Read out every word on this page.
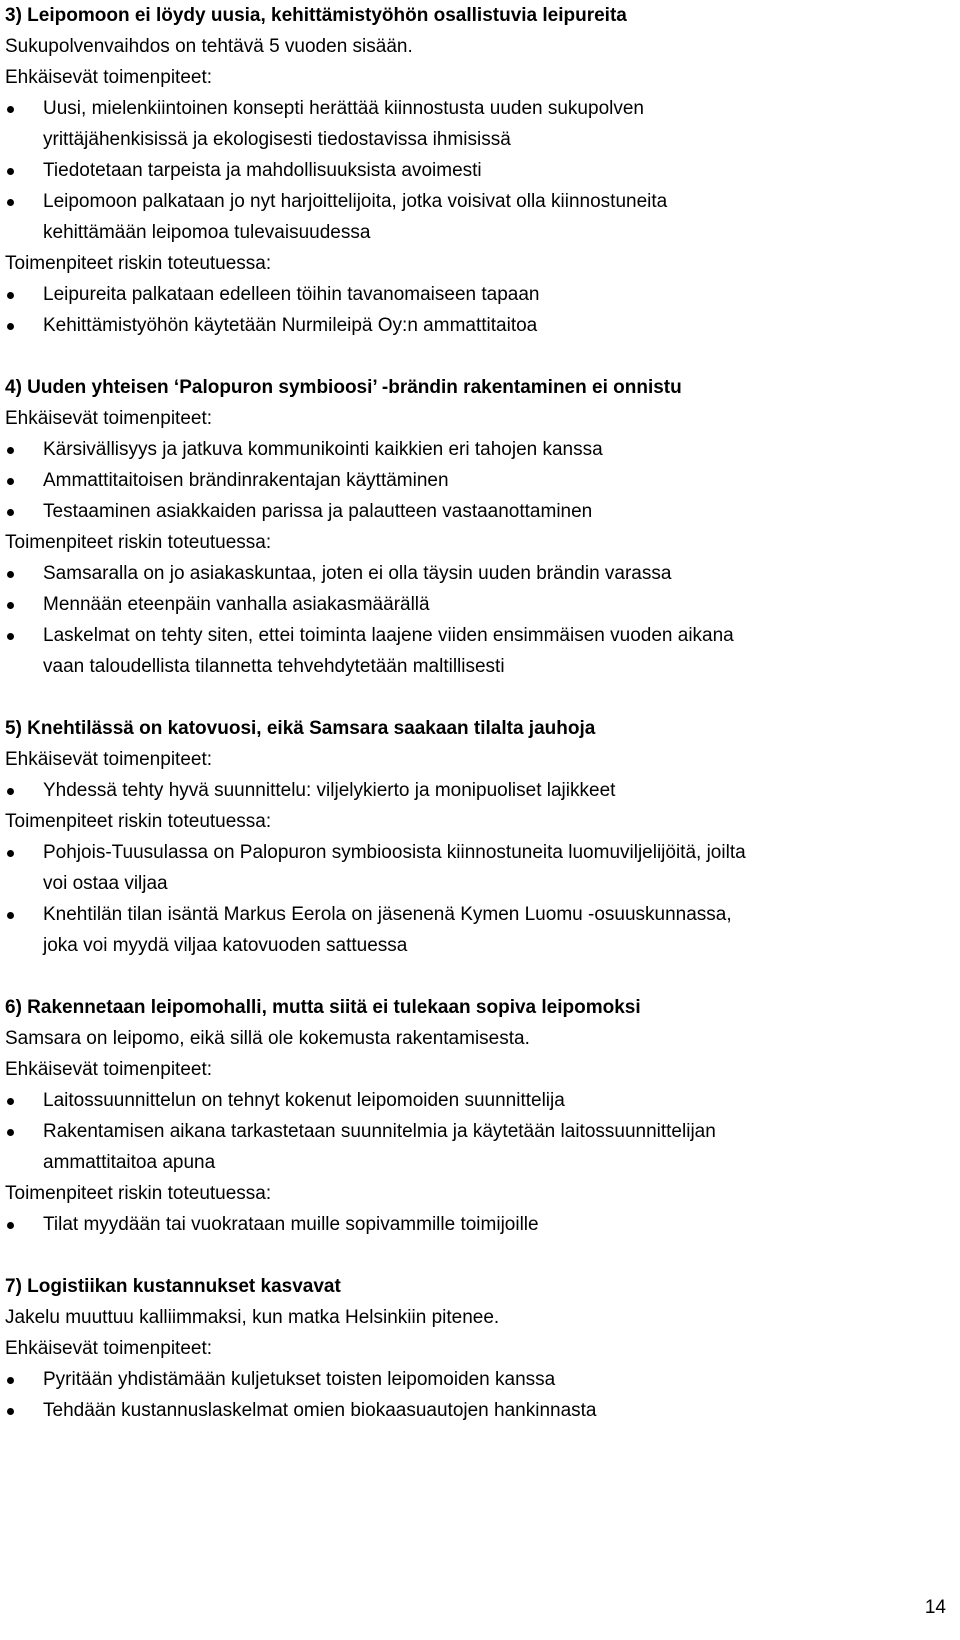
3) Leipomoon ei löydy uusia, kehittämistyöhön osallistuvia leipureita
Sukupolvenvaihdos on tehtävä 5 vuoden sisään.
Ehkäisevät toimenpiteet:
Uusi, mielenkiintoinen konsepti herättää kiinnostusta uuden sukupolven
yrittäjähenkisissä ja ekologisesti tiedostavissa ihmisissä
Tiedotetaan tarpeista ja mahdollisuuksista avoimesti
Leipomoon palkataan jo nyt harjoittelijoita, jotka voisivat olla kiinnostuneita
kehittämään leipomoa tulevaisuudessa
Toimenpiteet riskin toteutuessa:
Leipureita palkataan edelleen töihin tavanomaiseen tapaan
Kehittämistyöhön käytetään Nurmileipä Oy:n ammattitaitoa
4) Uuden yhteisen ‘Palopuron symbioosi’ -brändin rakentaminen ei onnistu
Ehkäisevät toimenpiteet:
Kärsivällisyys ja jatkuva kommunikointi kaikkien eri tahojen kanssa
Ammattitaitoisen brändinrakentajan käyttäminen
Testaaminen asiakkaiden parissa ja palautteen vastaanottaminen
Toimenpiteet riskin toteutuessa:
Samsaralla on jo asiakaskuntaa, joten ei olla täysin uuden brändin varassa
Mennään eteenpäin vanhalla asiakasmäärällä
Laskelmat on tehty siten, ettei toiminta laajene viiden ensimmäisen vuoden aikana
vaan taloudellista tilannetta tehvehdytetään maltillisesti
5) Knehtilässä on katovuosi, eikä Samsara saakaan tilalta jauhoja
Ehkäisevät toimenpiteet:
Yhdessä tehty hyvä suunnittelu: viljelykierto ja monipuoliset lajikkeet
Toimenpiteet riskin toteutuessa:
Pohjois-Tuusulassa on Palopuron symbioosista kiinnostuneita luomuviljelijöitä, joilta
voi ostaa viljaa
Knehtilän tilan isäntä Markus Eerola on jäsenenä Kymen Luomu -osuuskunnassa,
joka voi myydä viljaa katovuoden sattuessa
6) Rakennetaan leipomohalli, mutta siitä ei tulekaan sopiva leipomoksi
Samsara on leipomo, eikä sillä ole kokemusta rakentamisesta.
Ehkäisevät toimenpiteet:
Laitossuunnittelun on tehnyt kokenut leipomoiden suunnittelija
Rakentamisen aikana tarkastetaan suunnitelmia ja käytetään laitossuunnittelijan
ammattitaitoa apuna
Toimenpiteet riskin toteutuessa:
Tilat myydään tai vuokrataan muille sopivammille toimijoille
7) Logistiikan kustannukset kasvavat
Jakelu muuttuu kalliimmaksi, kun matka Helsinkiin pitenee.
Ehkäisevät toimenpiteet:
Pyritään yhdistämään kuljetukset toisten leipomoiden kanssa
Tehdään kustannuslaskelmat omien biokaasuautojen hankinnasta
14
